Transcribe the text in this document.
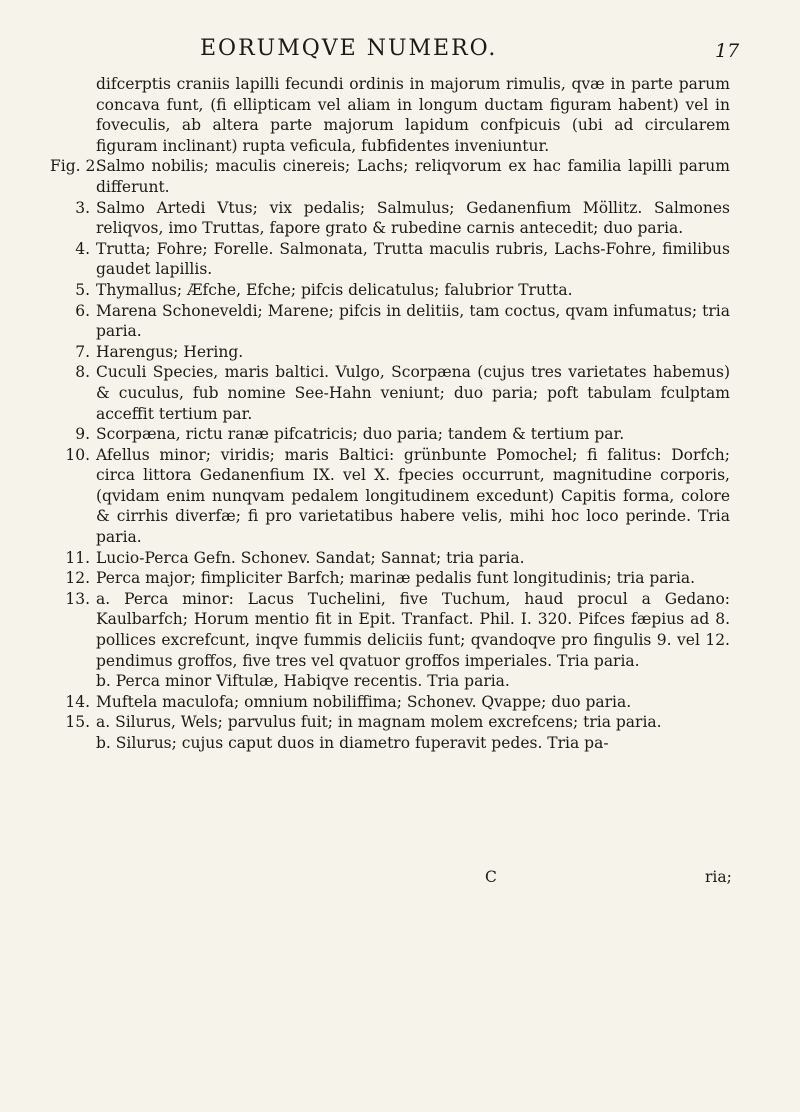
EORUMQVE NUMERO.	17

difcerptis craniis lapilli fecundi ordinis in majorum rimulis, qvæ in parte parum concava funt, (fi ellipticam vel aliam in longum ductam figuram habent) vel in foveculis, ab altera parte majorum lapidum confpicuis (ubi ad circularem figuram inclinant) rupta veficula, fubfidentes inveniuntur.

Fig. 2.
Salmo nobilis; maculis cinereis; Lachs; reliqvorum ex hac familia lapilli parum differunt.
3. Salmo Artedi Vtus; vix pedalis; Salmulus; Gedanenfium Möllitz. Salmones reliqvos, imo Truttas, fapore grato & rubedine carnis antecedit; duo paria.
4. Trutta; Fohre; Forelle. Salmonata, Trutta maculis rubris, Lachs-Fohre, fimilibus gaudet lapillis.
5. Thymallus; Æfche, Efche; pifcis delicatulus; falubrior Trutta.
6. Marena Schoneveldi; Marene; pifcis in delitiis, tam coctus, qvam infumatus; tria paria.
7. Harengus; Hering.
8. Cuculi Species, maris baltici. Vulgo, Scorpæna (cujus tres varietates habemus) & cuculus, fub nomine See-Hahn veniunt; duo paria; poft tabulam fculptam acceffit tertium par.
9. Scorpæna, rictu ranæ pifcatricis; duo paria; tandem & tertium par.
10. Afellus minor; viridis; maris Baltici: grünbunte Pomochel; fi falitus: Dorfch; circa littora Gedanenfium IX. vel X. fpecies occurrunt, magnitudine corporis, (qvidam enim nunqvam pedalem longitudinem excedunt) Capitis forma, colore & cirrhis diverfæ; fi pro varietatibus habere velis, mihi hoc loco perinde. Tria paria.
11. Lucio-Perca Gefn. Schonev. Sandat; Sannat; tria paria.
12. Perca major; fimpliciter Barfch; marinæ pedalis funt longitudinis; tria paria.
13. a. Perca minor: Lacus Tuchelini, five Tuchum, haud procul a Gedano: Kaulbarfch; Horum mentio fit in Epit. Tranfact. Phil. I. 320. Pifces fæpius ad 8. pollices excrefcunt, inqve fummis deliciis funt; qvandoqve pro fingulis 9. vel 12. pendimus groffos, five tres vel qvatuor groffos imperiales. Tria paria.
b. Perca minor Viftulæ, Habiqve recentis. Tria paria.
14. Muftela maculofa; omnium nobiliffima; Schonev. Qvappe; duo paria.
15. a. Silurus, Wels; parvulus fuit; in magnam molem excrefcens; tria paria.
b. Silurus; cujus caput duos in diametro fuperavit pedes. Tria pa-
C	ria;
